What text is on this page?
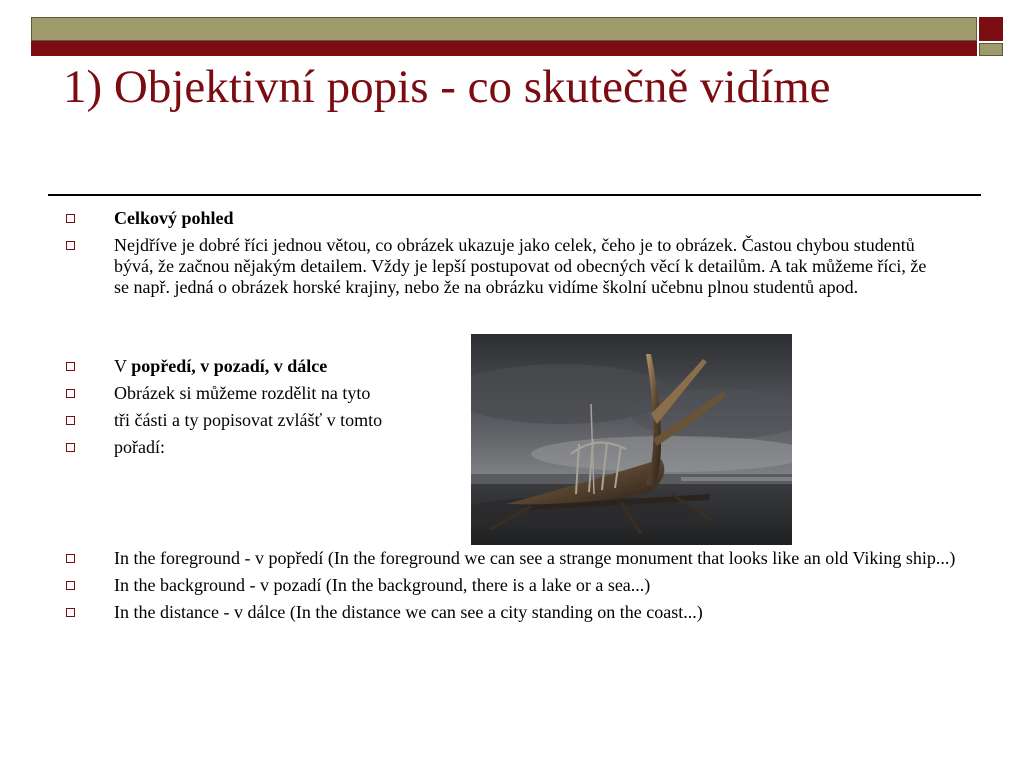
1) Objektivní popis - co skutečně vidíme
Celkový pohled
Nejdříve je dobré říci jednou větou, co obrázek ukazuje jako celek, čeho je to obrázek. Častou chybou studentů bývá, že začnou nějakým detailem. Vždy je lepší postupovat od obecných věcí k detailům. A tak můžeme říci, že se např. jedná o obrázek horské krajiny, nebo že na obrázku vidíme školní učebnu plnou studentů apod.
V popředí, v pozadí, v dálce
Obrázek si můžeme rozdělit na tyto
tři části a ty popisovat zvlášť v tomto
pořadí:
In the foreground - v popředí (In the foreground we can see a strange monument that looks like an old Viking ship...)
In the background - v pozadí (In the background, there is a lake or a sea...)
In the distance - v dálce (In the distance we can see a city standing on the coast...)
